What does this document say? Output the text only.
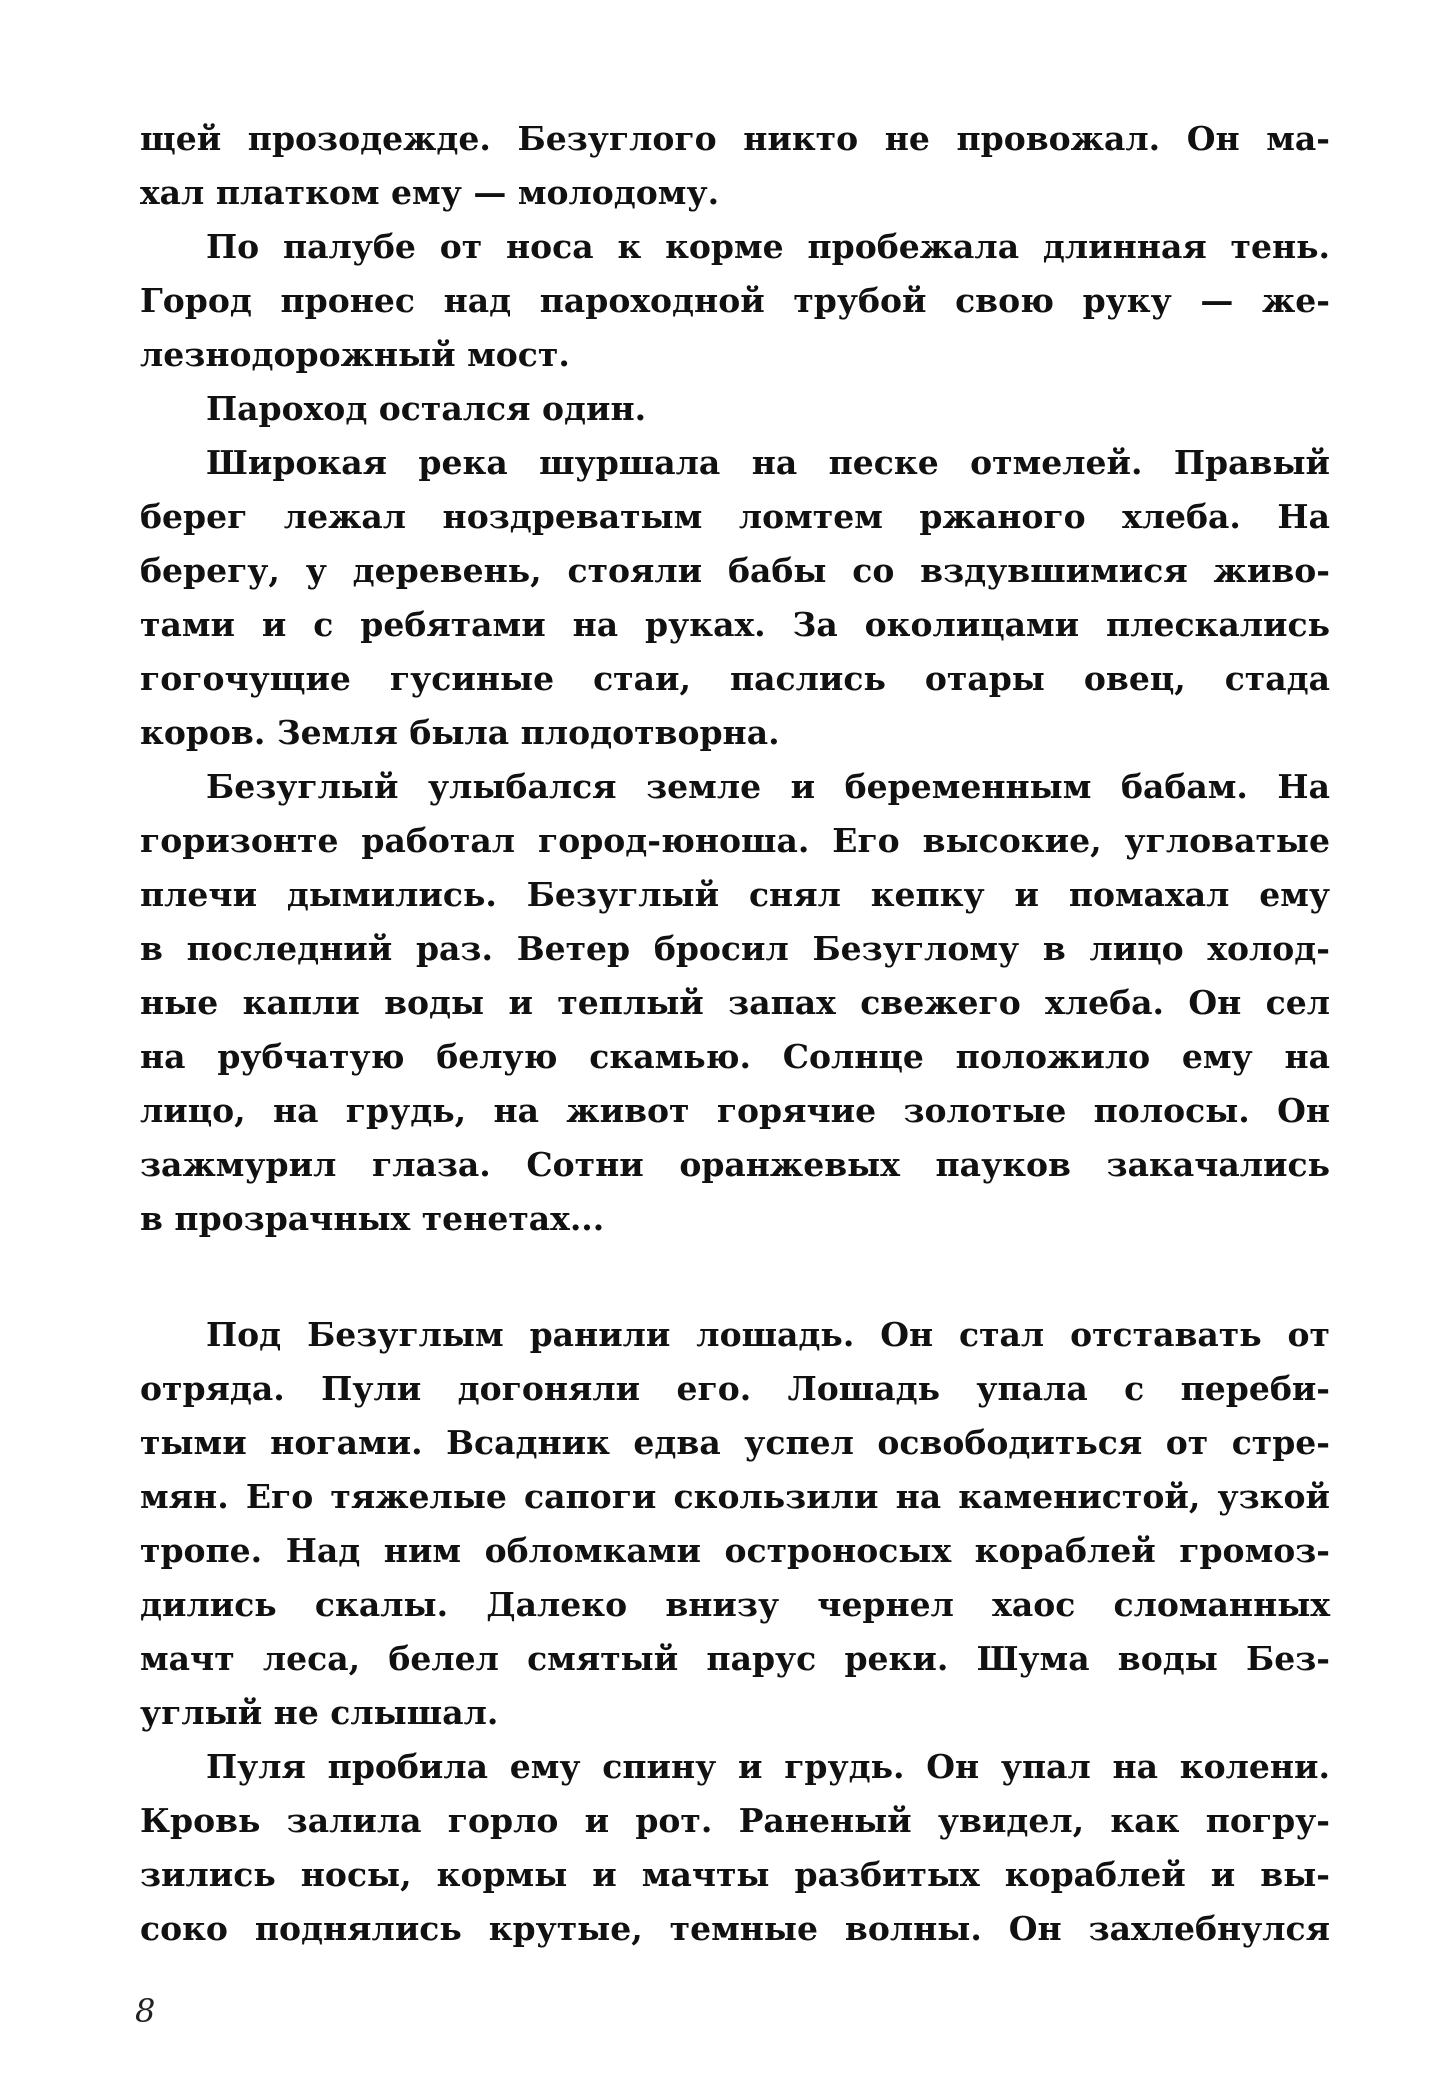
щей прозодежде. Безуглого никто не провожал. Он ма-
хал платком ему — молодому.
По палубе от носа к корме пробежала длинная тень.
Город пронес над пароходной трубой свою руку — же-
лезнодорожный мост.
Пароход остался один.
Широкая река шуршала на песке отмелей. Правый
берег лежал ноздреватым ломтем ржаного хлеба. На
берегу, у деревень, стояли бабы со вздувшимися живо-
тами и с ребятами на руках. За околицами плескались
гогочущие гусиные стаи, паслись отары овец, стада
коров. Земля была плодотворна.
Безуглый улыбался земле и беременным бабам. На
горизонте работал город-юноша. Его высокие, угловатые
плечи дымились. Безуглый снял кепку и помахал ему
в последний раз. Ветер бросил Безуглому в лицо холод-
ные капли воды и теплый запах свежего хлеба. Он сел
на рубчатую белую скамью. Солнце положило ему на
лицо, на грудь, на живот горячие золотые полосы. Он
зажмурил глаза. Сотни оранжевых пауков закачались
в прозрачных тенетах...
Под Безуглым ранили лошадь. Он стал отставать от
отряда. Пули догоняли его. Лошадь упала с переби-
тыми ногами. Всадник едва успел освободиться от стре-
мян. Его тяжелые сапоги скользили на каменистой, узкой
тропе. Над ним обломками остроносых кораблей громоз-
дились скалы. Далеко внизу чернел хаос сломанных
мачт леса, белел смятый парус реки. Шума воды Без-
углый не слышал.
Пуля пробила ему спину и грудь. Он упал на колени.
Кровь залила горло и рот. Раненый увидел, как погру-
зились носы, кормы и мачты разбитых кораблей и вы-
соко поднялись крутые, темные волны. Он захлебнулся
8
